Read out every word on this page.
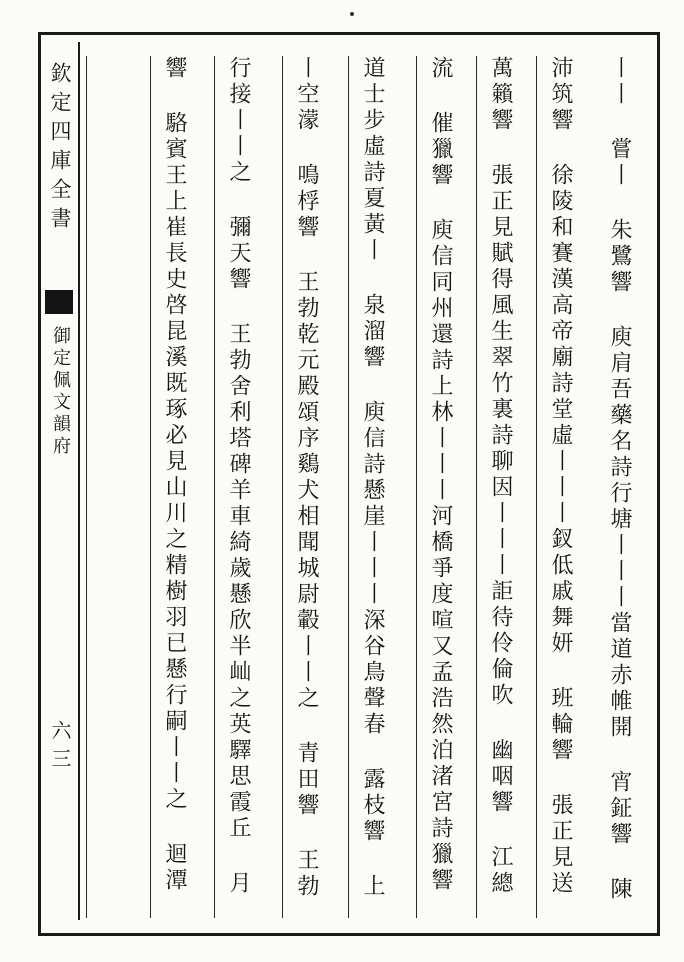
欽定四庫全書
御定佩文韻府
六三
丨丨 嘗丨 朱鷺響 庾肩吾藥名詩行塘丨丨丨當道赤帷開 宵鉦響 陳
沛筑響 徐陵和賽漢高帝廟詩堂虛丨丨丨釵低戚舞妍 班輪響 張正見送
萬籟響 張正見賦得風生翠竹裏詩聊因丨丨丨詎待伶倫吹 幽咽響 江總
流 催獵響 庾信同州還詩上林丨丨丨河橋爭度喧又孟浩然泊渚宮詩獵響
道士步虛詩夏黃丨 泉溜響 庾信詩懸崖丨丨丨深谷鳥聲春 露枝響 上
丨空濛 鳴桴響 王勃乾元殿頌序鷄犬相聞城尉轂丨丨之 青田響 王勃
行接丨丨之 彌天響 王勃舍利塔碑羊車綺歲懸欣半屾之英驛思霞丘 月
響 駱賓王上崔長史啓昆溪既琢必見山川之精樹羽已懸行嗣丨丨之 迴潭
